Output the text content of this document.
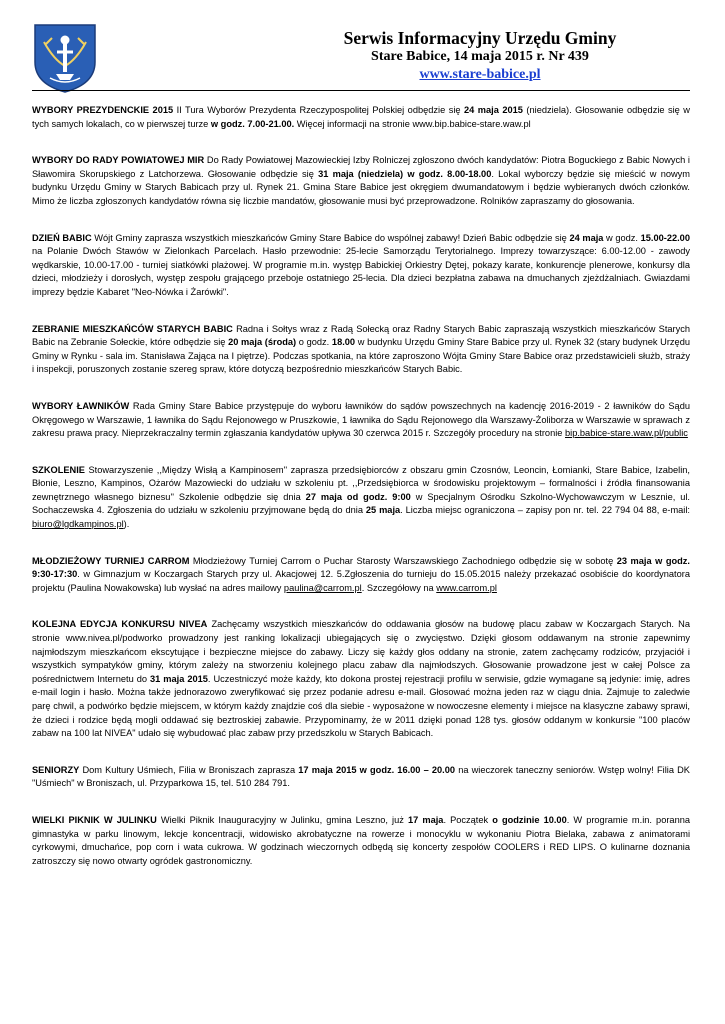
Serwis Informacyjny Urzędu Gminy
Stare Babice, 14 maja 2015 r. Nr 439
www.stare-babice.pl

WYBORY PREZYDENCKIE 2015 II Tura Wyborów Prezydenta Rzeczypospolitej Polskiej odbędzie się 24 maja 2015 (niedziela). Głosowanie odbędzie się w tych samych lokalach, co w pierwszej turze w godz. 7.00-21.00. Więcej informacji na stronie www.bip.babice-stare.waw.pl

WYBORY DO RADY POWIATOWEJ MIR Do Rady Powiatowej Mazowieckiej Izby Rolniczej zgłoszono dwóch kandydatów: Piotra Boguckiego z Babic Nowych i Sławomira Skorupskiego z Latchorzewa. Głosowanie odbędzie się 31 maja (niedziela) w godz. 8.00-18.00. Lokal wyborczy będzie się mieścić w nowym budynku Urzędu Gminy w Starych Babicach przy ul. Rynek 21. Gmina Stare Babice jest okręgiem dwumandatowym i będzie wybieranych dwóch członków. Mimo że liczba zgłoszonych kandydatów równa się liczbie mandatów, głosowanie musi być przeprowadzone. Rolników zapraszamy do głosowania.

DZIEŃ BABIC Wójt Gminy zaprasza wszystkich mieszkańców Gminy Stare Babice do wspólnej zabawy! Dzień Babic odbędzie się 24 maja w godz. 15.00-22.00 na Polanie Dwóch Stawów w Zielonkach Parcelach. Hasło przewodnie: 25-lecie Samorządu Terytorialnego. Imprezy towarzyszące: 6.00-12.00 - zawody wędkarskie, 10.00-17.00 - turniej siatkówki plażowej. W programie m.in. występ Babickiej Orkiestry Dętej, pokazy karate, konkurencje plenerowe, konkursy dla dzieci, młodzieży i dorosłych, występ zespołu grającego przeboje ostatniego 25-lecia. Dla dzieci bezpłatna zabawa na dmuchanych zjeżdżalniach. Gwiazdami imprezy będzie Kabaret "Neo-Nówka i Żarówki".

ZEBRANIE MIESZKAŃCÓW STARYCH BABIC Radna i Sołtys wraz z Radą Sołecką oraz Radny Starych Babic zapraszają wszystkich mieszkańców Starych Babic na Zebranie Sołeckie, które odbędzie się 20 maja (środa) o godz. 18.00 w budynku Urzędu Gminy Stare Babice przy ul. Rynek 32 (stary budynek Urzędu Gminy w Rynku - sala im. Stanisława Zająca na I piętrze). Podczas spotkania, na które zaproszono Wójta Gminy Stare Babice oraz przedstawicieli służb, straży i inspekcji, poruszonych zostanie szereg spraw, które dotyczą bezpośrednio mieszkańców Starych Babic.

WYBORY ŁAWNIKÓW Rada Gminy Stare Babice przystępuje do wyboru ławników do sądów powszechnych na kadencję 2016-2019 - 2 ławników do Sądu Okręgowego w Warszawie, 1 ławnika do Sądu Rejonowego w Pruszkowie, 1 ławnika do Sądu Rejonowego dla Warszawy-Żoliborza w Warszawie w sprawach z zakresu prawa pracy. Nieprzekraczalny termin zgłaszania kandydatów upływa 30 czerwca 2015 r. Szczegóły procedury na stronie bip.babice-stare.waw.pl/public

SZKOLENIE Stowarzyszenie ,,Między Wisłą a Kampinosem'' zaprasza przedsiębiorców z obszaru gmin Czosnów, Leoncin, Łomianki, Stare Babice, Izabelin, Błonie, Leszno, Kampinos, Ożarów Mazowiecki do udziału w szkoleniu pt. ,,Przedsiębiorca w środowisku projektowym – formalności i źródła finansowania zewnętrznego własnego biznesu'' Szkolenie odbędzie się dnia 27 maja od godz. 9:00 w Specjalnym Ośrodku Szkolno-Wychowawczym w Lesznie, ul. Sochaczewska 4. Zgłoszenia do udziału w szkoleniu przyjmowane będą do dnia 25 maja. Liczba miejsc ograniczona – zapisy pon nr. tel. 22 794 04 88, e-mail: biuro@lgdkampinos.pl).

MŁODZIEŻOWY TURNIEJ CARROM Młodzieżowy Turniej Carrom o Puchar Starosty Warszawskiego Zachodniego odbędzie się w sobotę 23 maja w godz. 9:30-17:30. w Gimnazjum w Koczargach Starych przy ul. Akacjowej 12. 5.Zgłoszenia do turnieju do 15.05.2015 należy przekazać osobiście do koordynatora projektu (Paulina Nowakowska) lub wysłać na adres mailowy paulina@carrom.pl. Szczegółowy na www.carrom.pl

KOLEJNA EDYCJA KONKURSU NIVEA Zachęcamy wszystkich mieszkańców do oddawania głosów na budowę placu zabaw w Koczargach Starych. Na stronie www.nivea.pl/podworko prowadzony jest ranking lokalizacji ubiegających się o zwycięstwo. Dzięki głosom oddawanym na stronie zapewnimy najmłodszym mieszkańcom ekscytujące i bezpieczne miejsce do zabawy. Liczy się każdy głos oddany na stronie, zatem zachęcamy rodziców, przyjaciół i wszystkich sympatyków gminy, którym zależy na stworzeniu kolejnego placu zabaw dla najmłodszych. Głosowanie prowadzone jest w całej Polsce za pośrednictwem Internetu do 31 maja 2015. Uczestniczyć może każdy, kto dokona prostej rejestracji profilu w serwisie, gdzie wymagane są jedynie: imię, adres e-mail login i hasło. Można także jednorazowo zweryfikować się przez podanie adresu e-mail. Głosować można jeden raz w ciągu dnia. Zajmuje to zaledwie parę chwil, a podwórko będzie miejscem, w którym każdy znajdzie coś dla siebie - wyposażone w nowoczesne elementy i miejsce na klasyczne zabawy sprawi, że dzieci i rodzice będą mogli oddawać się beztroskiej zabawie. Przypominamy, że w 2011 dzięki ponad 128 tys. głosów oddanym w konkursie "100 placów zabaw na 100 lat NIVEA" udało się wybudować plac zabaw przy przedszkolu w Starych Babicach.

SENIORZY Dom Kultury Uśmiech, Filia w Broniszach zaprasza 17 maja 2015 w godz. 16.00 – 20.00 na wieczorek taneczny seniorów. Wstęp wolny! Filia DK "Uśmiech" w Broniszach, ul. Przyparkowa 15, tel. 510 284 791.

WIELKI PIKNIK W JULINKU Wielki Piknik Inauguracyjny w Julinku, gmina Leszno, już 17 maja. Początek o godzinie 10.00. W programie m.in. poranna gimnastyka w parku linowym, lekcje koncentracji, widowisko akrobatyczne na rowerze i monocyklu w wykonaniu Piotra Bielaka, zabawa z animatorami cyrkowymi, dmuchańce, pop corn i wata cukrowa. W godzinach wieczornych odbędą się koncerty zespołów COOLERS i RED LIPS. O kulinarne doznania zatroszczy się nowo otwarty ogródek gastronomiczny.
